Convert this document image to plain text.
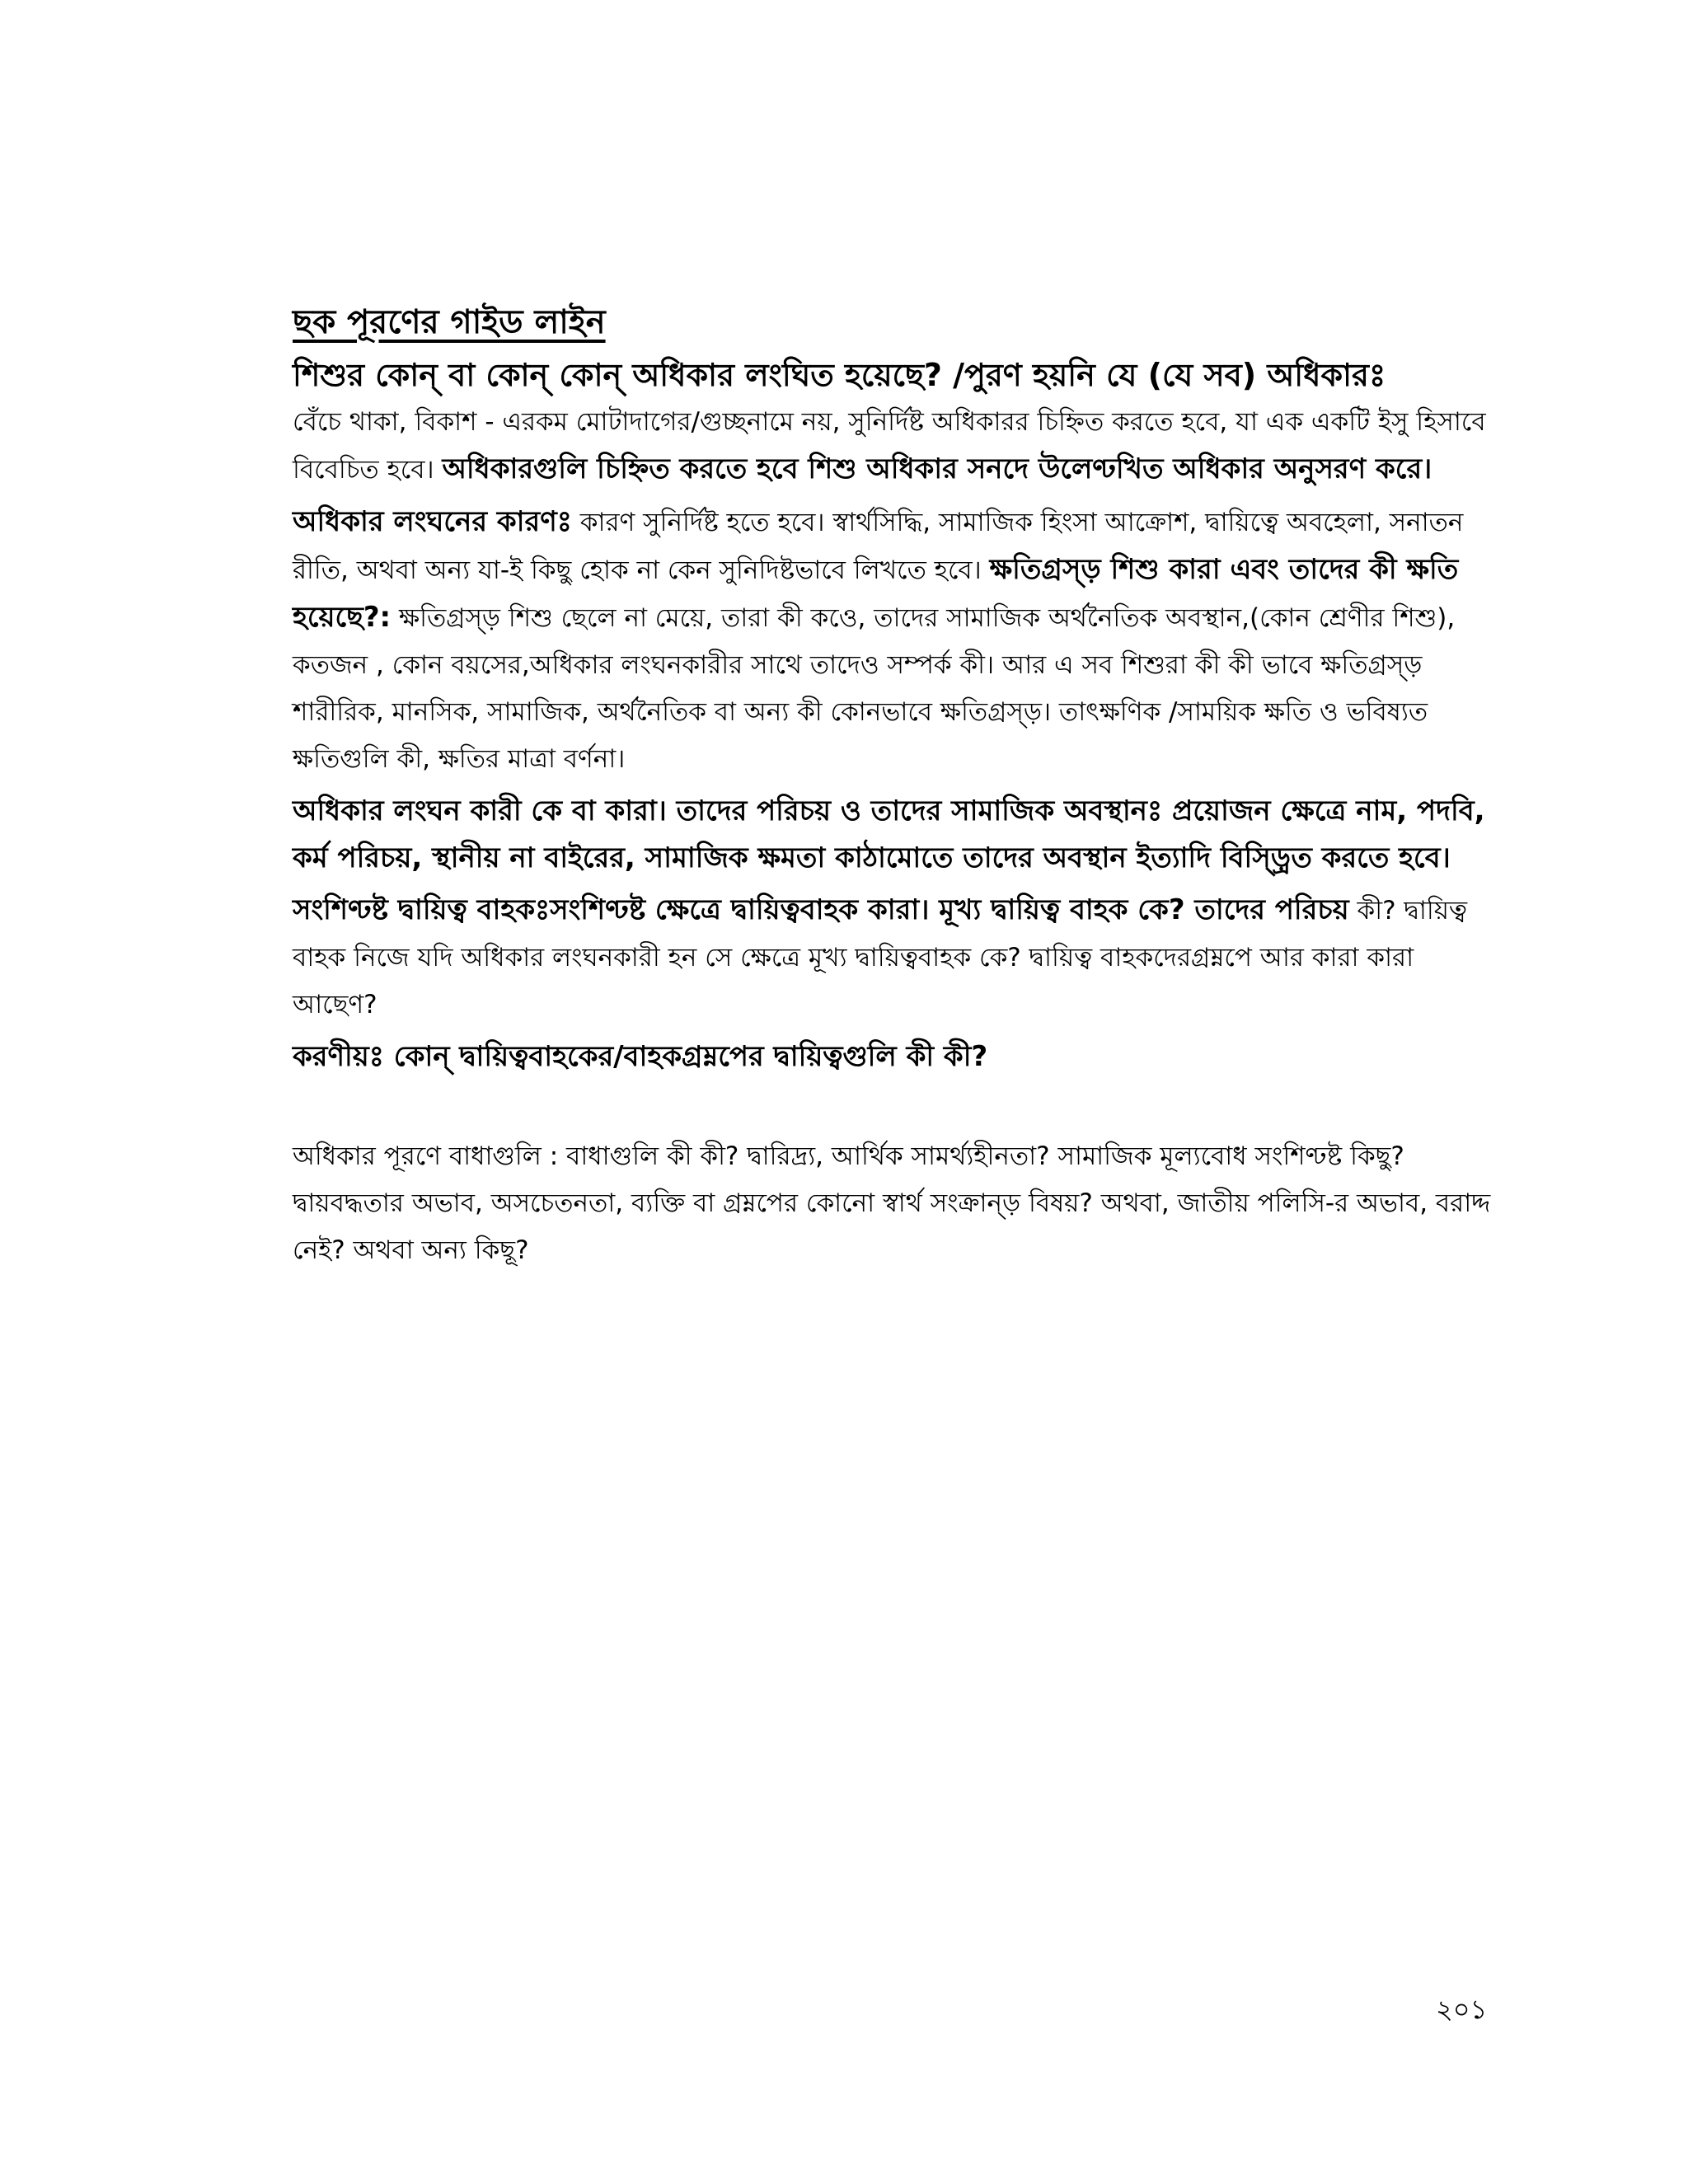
ছক পূরণের গাইড লাইন
শিশুর কোন্ বা কোন্ কোন্ অধিকার লংঘিত হয়েছে? /পুরণ হয়নি যে (যে সব) অধিকারঃ

বেঁচে থাকা, বিকাশ - এরকম মোটাদাগের/গুচ্ছনামে নয়, সুনির্দিষ্ট অধিকারর চিহ্নিত করতে হবে, যা এক একটি ইসু হিসাবে বিবেচিত হবে। অধিকারগুলি চিহ্নিত করতে হবে শিশু অধিকার সনদে উলেণ্ঢখিত অধিকার অনুসরণ করে।

অধিকার লংঘনের কারণঃ কারণ সুনির্দিষ্ট হতে হবে। স্বার্থসিদ্ধি, সামাজিক হিংসা আক্রোশ, দ্বায়িত্বে অবহেলা, সনাতন রীতি, অথবা অন্য যা-ই কিছু হোক না কেন সুনিদিষ্টভাবে লিখতে হবে। ক্ষতিগ্রস্ড় শিশু কারা এবং তাদের কী ক্ষতি হয়েছে?: ক্ষতিগ্রস্ড় শিশু ছেলে না মেয়ে, তারা কী কওে, তাদের সামাজিক অর্থনৈতিক অবস্থান,(কোন শ্রেণীর শিশু), কতজন , কোন বয়সের,অধিকার লংঘনকারীর সাথে তাদেও সম্পর্ক কী। আর এ সব শিশুরা কী কী ভাবে ক্ষতিগ্রস্ড় শারীরিক, মানসিক, সামাজিক, অর্থনৈতিক বা অন্য কী কোনভাবে ক্ষতিগ্রস্ড়। তাৎক্ষণিক /সাময়িক ক্ষতি ও ভবিষ্যত ক্ষতিগুলি কী, ক্ষতির মাত্রা বর্ণনা।

অধিকার লংঘন কারী কে বা কারা। তাদের পরিচয় ও তাদের সামাজিক অবস্থানঃ প্রয়োজন ক্ষেত্রে নাম, পদবি, কর্ম পরিচয়, স্থানীয় না বাইরের, সামাজিক ক্ষমতা কাঠামোতে তাদের অবস্থান ইত্যাদি বিস্ড়্রিত করতে হবে।

সংশিণ্ঢষ্ট দ্বায়িত্ব বাহকঃসংশিণ্ঢষ্ট ক্ষেত্রে দ্বায়িত্ববাহক কারা। মূখ্য দ্বায়িত্ব বাহক কে? তাদের পরিচয় কী? দ্বায়িত্ব বাহক নিজে যদি অধিকার লংঘনকারী হন সে ক্ষেত্রে মূখ্য দ্বায়িত্ববাহক কে? দ্বায়িত্ব বাহকদেরগ্রম্নপে আর কারা কারা আছেণ?

করণীয়ঃ কোন্ দ্বায়িত্ববাহকের/বাহকগ্রম্নপের দ্বায়িত্বগুলি কী কী?

অধিকার পূরণে বাধাগুলি : বাধাগুলি কী কী? দ্বারিদ্র্য, আর্থিক সামর্থ্যহীনতা? সামাজিক মূল্যবোধ সংশিণ্ঢষ্ট কিছু? দ্বায়বদ্ধতার অভাব, অসচেতনতা, ব্যক্তি বা গ্রম্নপের কোনো স্বার্থ সংক্রান্ড় বিষয়? অথবা, জাতীয় পলিসি-র অভাব, বরাদ্দ নেই? অথবা অন্য কিছূ?

২০১
